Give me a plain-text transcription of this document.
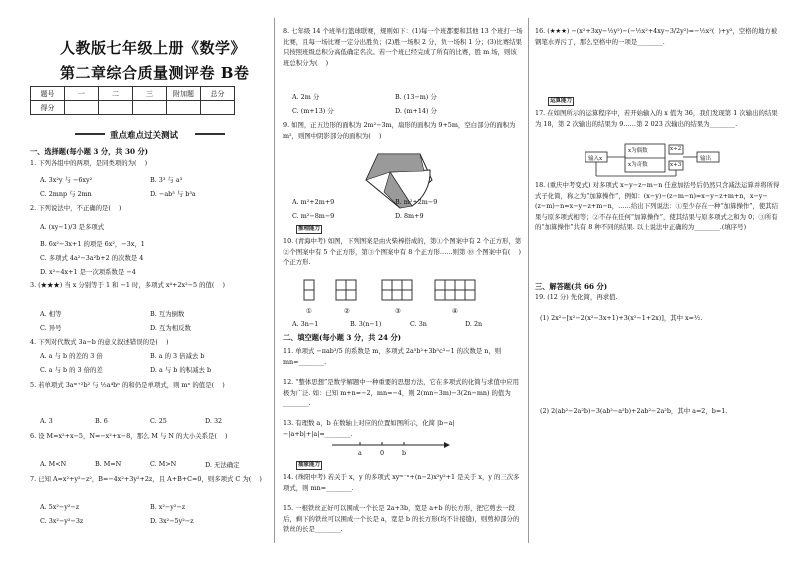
人教版七年级上册《数学》
第二章综合质量测评卷 B卷
题号	一	二	三	附加题	总分
得分					
重点难点过关测试
一、选择题(每小题 3 分，共 30 分)
1. 下列各组中的两项，是同类项的为(    )
A. 3x²y 与 −6xy²	B. 3³ 与 a³
C. 2mnp 与 2mn	D. −ab³ 与 b³a
2. 下列说法中，不正确的是(    )
A. (xy−1)/3 是多项式
B. 6x²−3x+1 的项是 6x²，−3x，1
C. 多项式 4a²−3a²b+2 的次数是 4
D. x²−4x+1 是一次项系数是 −4
3. (★★★) 当 x 分别等于 1 和 −1 时，多项式 x⁴+2x²−5 的值(    )
A. 相等	B. 互为倒数
C. 异号	D. 互为相反数
4. 下列对代数式 3a−b 的意义叙述错误的是(    )
A. a 与 b 的差的 3 倍	B. a 的 3 倍减去 b
C. a 与 b 的 3 倍的差	D. a 与 b 的积减去 b
5. 若单项式 3aᵐ⁺²b² 与 ½a⁴bⁿ 的和仍是单项式，则 mⁿ 的值是(    )
A. 3	B. 6	C. 25	D. 32
6. 设 M=x²+x−5，N=−x²+x−8，那么 M 与 N 的大小关系是(    )
A. M<N	B. M=N	C. M>N	D. 无法确定
7. 已知 A=x²+y²−z²，B=−4x²+3y²+2z，且 A+B+C=0，则多项式 C 为(    )
A. 5x²−y²−z	B. x²−y²−z
C. 3x²−y²−3z	D. 3x²−5y²−z
8. 七年级 14 个班举行篮球联赛，规则如下：(1)每一个班都要和其他 13 个班打一场比赛，且每一场比赛一定分出胜负；(2)胜一场积 2 分，负一场积 1 分；(3)比赛结果只按照班级总积分高低确定名次。若一个班已经完成了所有的比赛，胜 m 场，则该班总积分为(    )
A. 2m 分	B. (13−m) 分
C. (m+13) 分	D. (m+14) 分
9. 如图，正五边形的面积为 2m²−3m，扇形的面积为 9+5m，空白部分的面积为 m²，则图中阴影部分的面积为(    )
A. m²+2m+9	B. m²+2m−9
C. m²−8m−9	D. 8m+9
推理能力
10. (青海中考) 如图，下列图案是由火柴棒搭成的，第①个图案中有 2 个正方形，第②个图案中有 5 个正方形，第③个图案中有 8 个正方形……则第 ⑩ 个图案中有(    )个正方形.
①	②	③	④
A. 3n−1	B. 3(n−1)	C. 3n	D. 2n
二、填空题(每小题 3 分，共 24 分)
11. 单项式 −πab³/5 的系数是 m，多项式 2a⁵b²+3b⁵c³−1 的次数是 n，则 mn=________.
12. “整体思想”是数学解题中一种重要的思想方法，它在多项式的化简与求值中应用极为广泛. 如：已知 m+n=−2，mn=−4，则 2(mn−3m)−3(2n−mn) 的值为________.
13. 有理数 a，b 在数轴上对应的位置如图所示，化简 |b−a|−|a+b|+|a|=________.
a	0	b
抽象能力
14. (珠阳中考) 若关于 x，y 的多项式 xyᵐ⁻ⁿ+(n−2)x²y²+1 是关于 x，y 的三次多项式，则 mn=________.
15. 一根铁丝正好可以围成一个长是 2a+3b，宽是 a+b 的长方形，把它剪去一段后，剩下的铁丝可以围成一个长是 a，宽是 b 的长方形(均不计接缝)，则剪掉部分的铁丝的长是________.
16. (★★★) −(x²+3xy−½y²)−(−½x²+4xy−3/2y²)=−½x²(  )+y²，空格的地方被钢笔水弄污了，那么空格中的一项是________.
运算能力
17. 在如图所示的运算程序中，若开始输入的 x 值为 36，我们发现第 1 次输出的结果为 18，第 2 次输出的结果为 9……第 2 023 次输出的结果为________.
输入x
x为偶数
x为奇数
输出
x÷2
x+3
18. (重庆中考变式) 对多项式 x−y−z−m−n 任意加括号后仍然只含减法运算并将所得式子化简，称之为“加算操作”，例如：(x−y)−(z−m−n)=x−y−z+m+n，x−y−(z−m)−n=x−y−z+m−n，……给出下列说法：①至少存在一种“加算操作”，使其结果与原多项式相等；②不存在任何“加算操作”，使其结果与原多项式之和为 0；③所有的“加算操作”共有 8 种不同的结果. 以上说法中正确的为________.(填序号)
三、解答题(共 66 分)
19. (12 分) 先化简，再求值.
(1) 2x²−[x²−2(x²−3x+1)+3(x²−1+2x)]，其中 x=½.
(2) 2(ab²−2a²b)−3(ab²−a²b)+2ab²−2a²b，其中 a=2，b=1.
